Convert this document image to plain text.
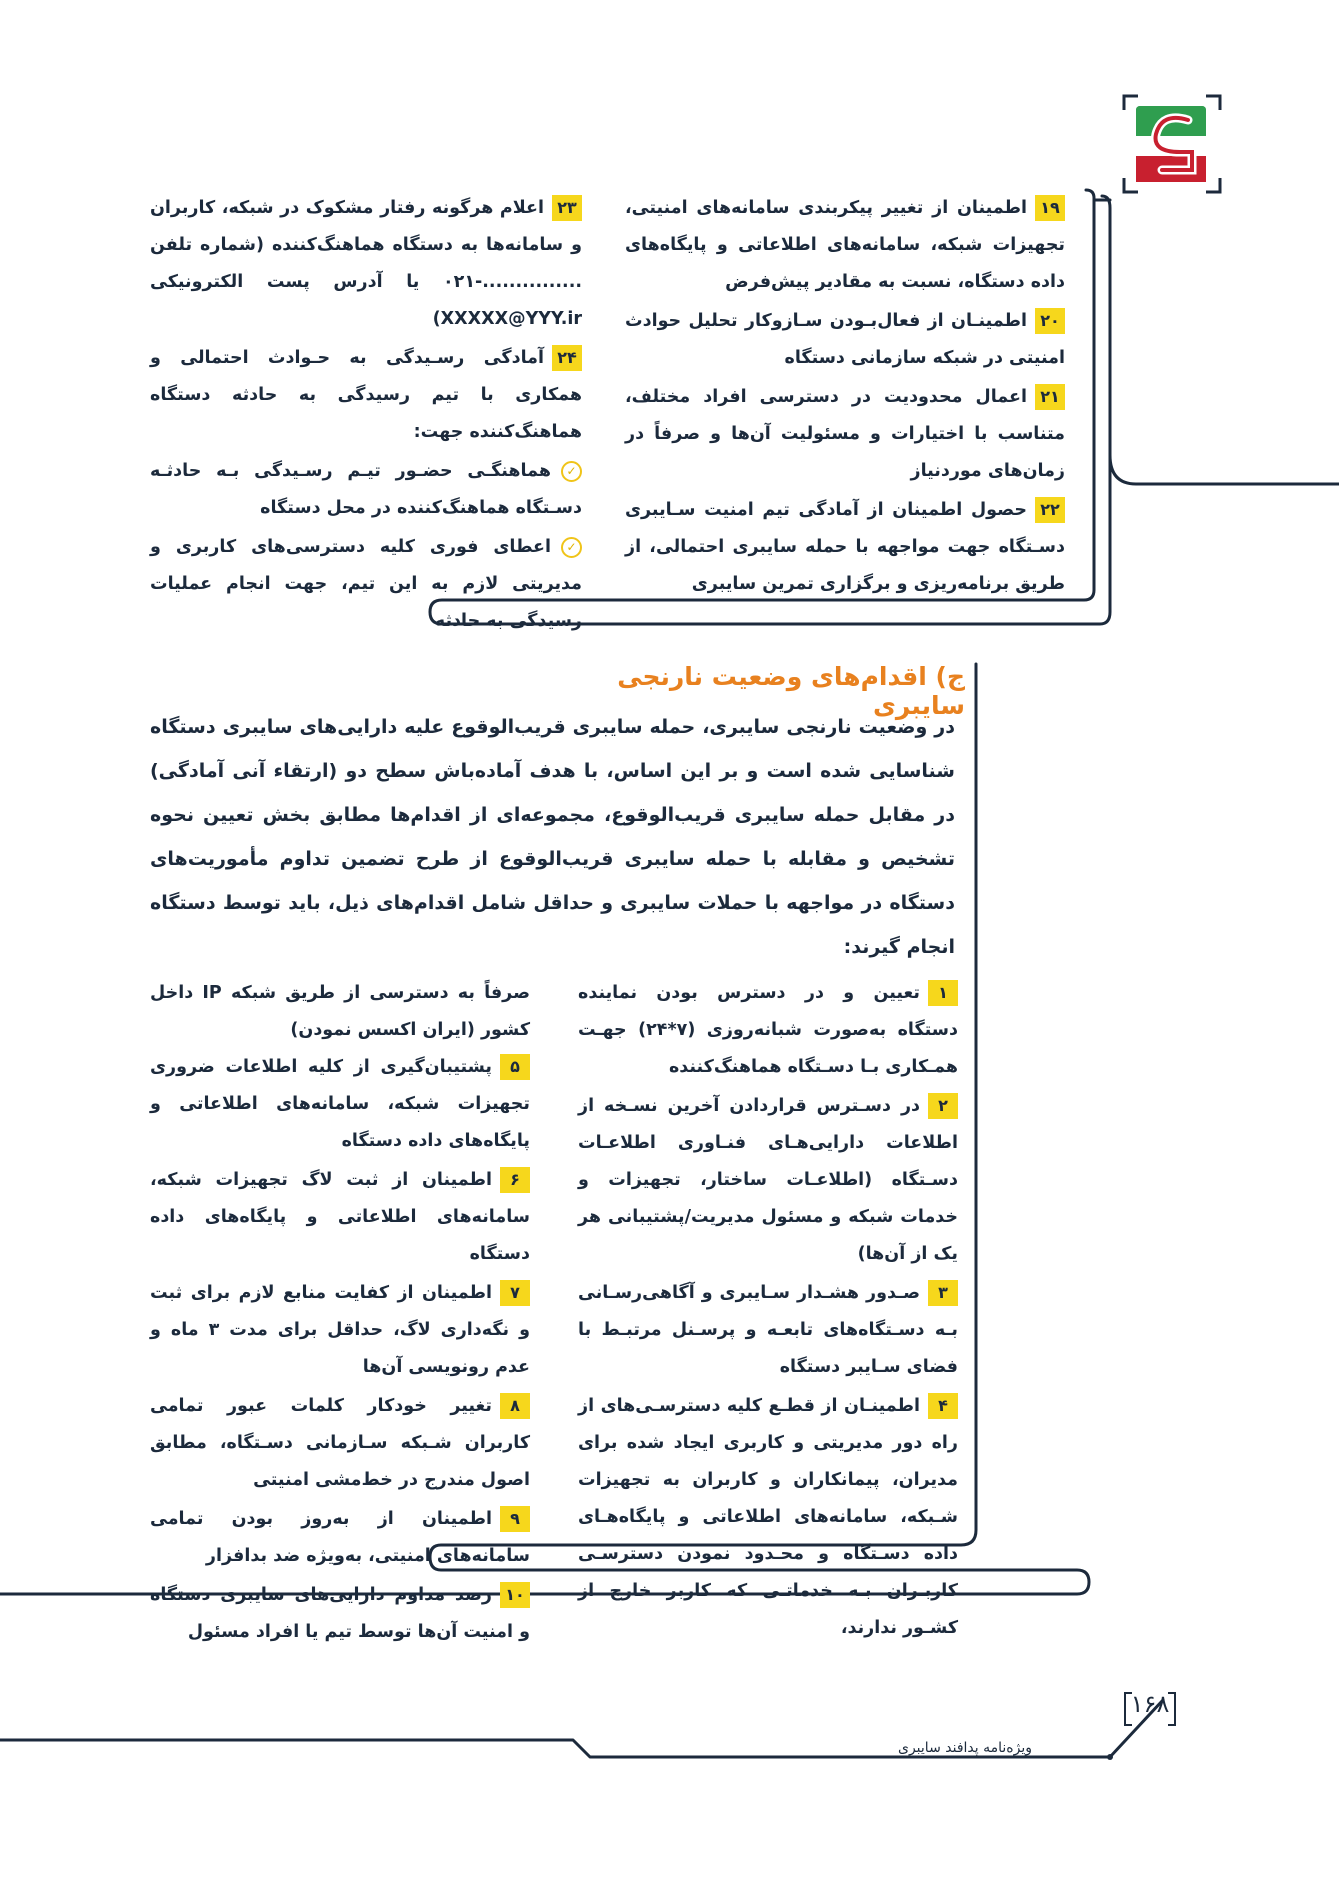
۱۹اطمینان از تغییر پیکربندی سامانه‌های امنیتی، تجهیزات شبکه، سامانه‌های اطلاعاتی و پایگاه‌های داده دستگاه، نسبت به مقادیر پیش‌فرض

۲۰اطمینـان از فعال‌بـودن سـازوکار تحلیل حوادث امنیتی در شبکه سازمانی دستگاه

۲۱اعمال محدودیت در دسترسی افراد مختلف، متناسب با اختیارات و مسئولیت آن‌ها و صرفاً در زمان‌های موردنیاز

۲۲حصول اطمینان از آمادگی تیم امنیت سـایبری دسـتگاه جهت مواجهه با حمله سایبری احتمالی، از طریق برنامه‌ریزی و برگزاری تمرین سایبری

۲۳اعلام هرگونه رفتار مشکوک در شبکه، کاربران و سامانه‌ها به دستگاه هماهنگ‌کننده (شماره تلفن ...............-۰۲۱ یا آدرس پست الکترونیکی XXXXX@YYY.ir)

۲۴آمادگی رسـیدگی به حـوادث احتمالی و همکاری با تیم رسیدگی به حادثه دستگاه هماهنگ‌کننده جهت:

✓هماهنگـی حضـور تیـم رسـیدگی بـه حادثـه دسـتگاه هماهنگ‌کننده در محل دستگاه

✓اعطای فوری کلیه دسترسی‌های کاربری و مدیریتی لازم به این تیم، جهت انجام عملیات رسیدگی به حادثه

ج) اقدام‌های وضعیت نارنجی سایبری
در وضعیت نارنجی سایبری، حمله سایبری قریب‌الوقوع علیه دارایی‌های سایبری دستگاه شناسایی شده است و بر این اساس، با هدف آماده‌باش سطح دو (ارتقاء آنی آمادگی) در مقابل حمله سایبری قریب‌الوقوع، مجموعه‌ای از اقدام‌ها مطابق بخش تعیین نحوه تشخیص و مقابله با حمله سایبری قریب‌الوقوع از طرح تضمین تداوم مأموریت‌های دستگاه در مواجهه با حملات سایبری و حداقل شامل اقدام‌های ذیل، باید توسط دستگاه انجام گیرند:

۱تعیین و در دسترس بودن نماینده دستگاه به‌صورت شبانه‌روزی (۷*۲۴) جهـت همـکاری بـا دسـتگاه هماهنگ‌کننده

۲در دسـترس قراردادن آخرین نسـخه از اطلاعات دارایی‌هـای فنـاوری اطلاعـات دسـتگاه (اطلاعـات ساختار، تجهیزات و خدمات شبکه و مسئول مدیریت/پشتیبانی هر یک از آن‌ها)

۳صـدور هشـدار سـایبری و آگاهی‌رسـانی بـه دسـتگاه‌های تابعـه و پرسـنل مرتبـط با فضای سـایبر دستگاه

۴اطمینـان از قطـع کلیه دسترسـی‌های از راه دور مدیریتی و کاربری ایجاد شده برای مدیران، پیمانکاران و کاربران به تجهیزات شـبکه، سامانه‌های اطلاعاتی و پایگاه‌هـای داده دسـتگاه و محـدود نمودن دسترسـی کاربـران بـه خدماتـی که کاربر خارج از کشـور ندارند،

صرفاً به دسترسی از طریق شبکه IP داخل کشور (ایران اکسس نمودن)

۵پشتیبان‌گیری از کلیه اطلاعات ضروری تجهیزات شبکه، سامانه‌های اطلاعاتی و پایگاه‌های داده دستگاه

۶اطمینان از ثبت لاگ تجهیزات شبکه، سامانه‌های اطلاعاتی و پایگاه‌های داده دستگاه

۷اطمینان از کفایت منابع لازم برای ثبت و نگه‌داری لاگ، حداقل برای مدت ۳ ماه و عدم رونویسی آن‌ها

۸تغییر خودکار کلمات عبور تمامی کاربران شـبکه سـازمانی دسـتگاه، مطابق اصول مندرج در خط‌مشی امنیتی

۹اطمینان از به‌روز بودن تمامی سامانه‌های امنیتی، به‌ویژه ضد بدافزار

۱۰رصد مداوم دارایی‌های سایبری دستگاه و امنیت آن‌ها توسط تیم یا افراد مسئول

۱۶۸
ویژه‌نامه پدافند سایبری
